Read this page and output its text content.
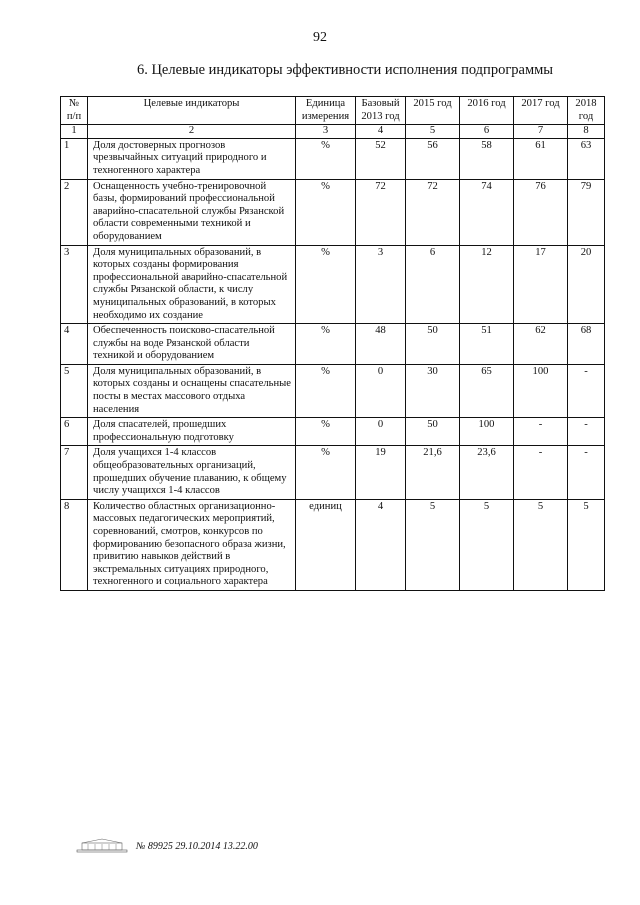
92
6. Целевые индикаторы эффективности исполнения подпрограммы
№ п/п	Целевые индикаторы	Единица измерения	Базовый 2013 год	2015 год	2016 год	2017 год	2018 год
1	2	3	4	5	6	7	8
1	Доля достоверных прогнозов чрезвычайных ситуаций природного и техногенного характера	%	52	56	58	61	63
2	Оснащенность учебно-тренировочной базы, формирований профессиональной аварийно-спасательной службы Рязанской области современными техникой и оборудованием	%	72	72	74	76	79
3	Доля муниципальных образований, в которых созданы формирования профессиональной аварийно-спасательной службы Рязанской области, к числу муниципальных образований, в которых необходимо их создание	%	3	6	12	17	20
4	Обеспеченность поисково-спасательной службы на воде Рязанской области техникой и оборудованием	%	48	50	51	62	68
5	Доля муниципальных образований, в которых созданы и оснащены спасательные посты в местах массового отдыха населения	%	0	30	65	100	-
6	Доля спасателей, прошедших профессиональную подготовку	%	0	50	100	-	-
7	Доля учащихся 1-4 классов общеобразовательных организаций, прошедших обучение плаванию, к общему числу учащихся 1-4 классов	%	19	21,6	23,6	-	-
8	Количество областных организационно-массовых педагогических мероприятий, соревнований, смотров, конкурсов по формированию безопасного образа жизни, привитию навыков действий в экстремальных ситуациях природного, техногенного и социального характера	единиц	4	5	5	5	5
№ 89925 29.10.2014 13.22.00
